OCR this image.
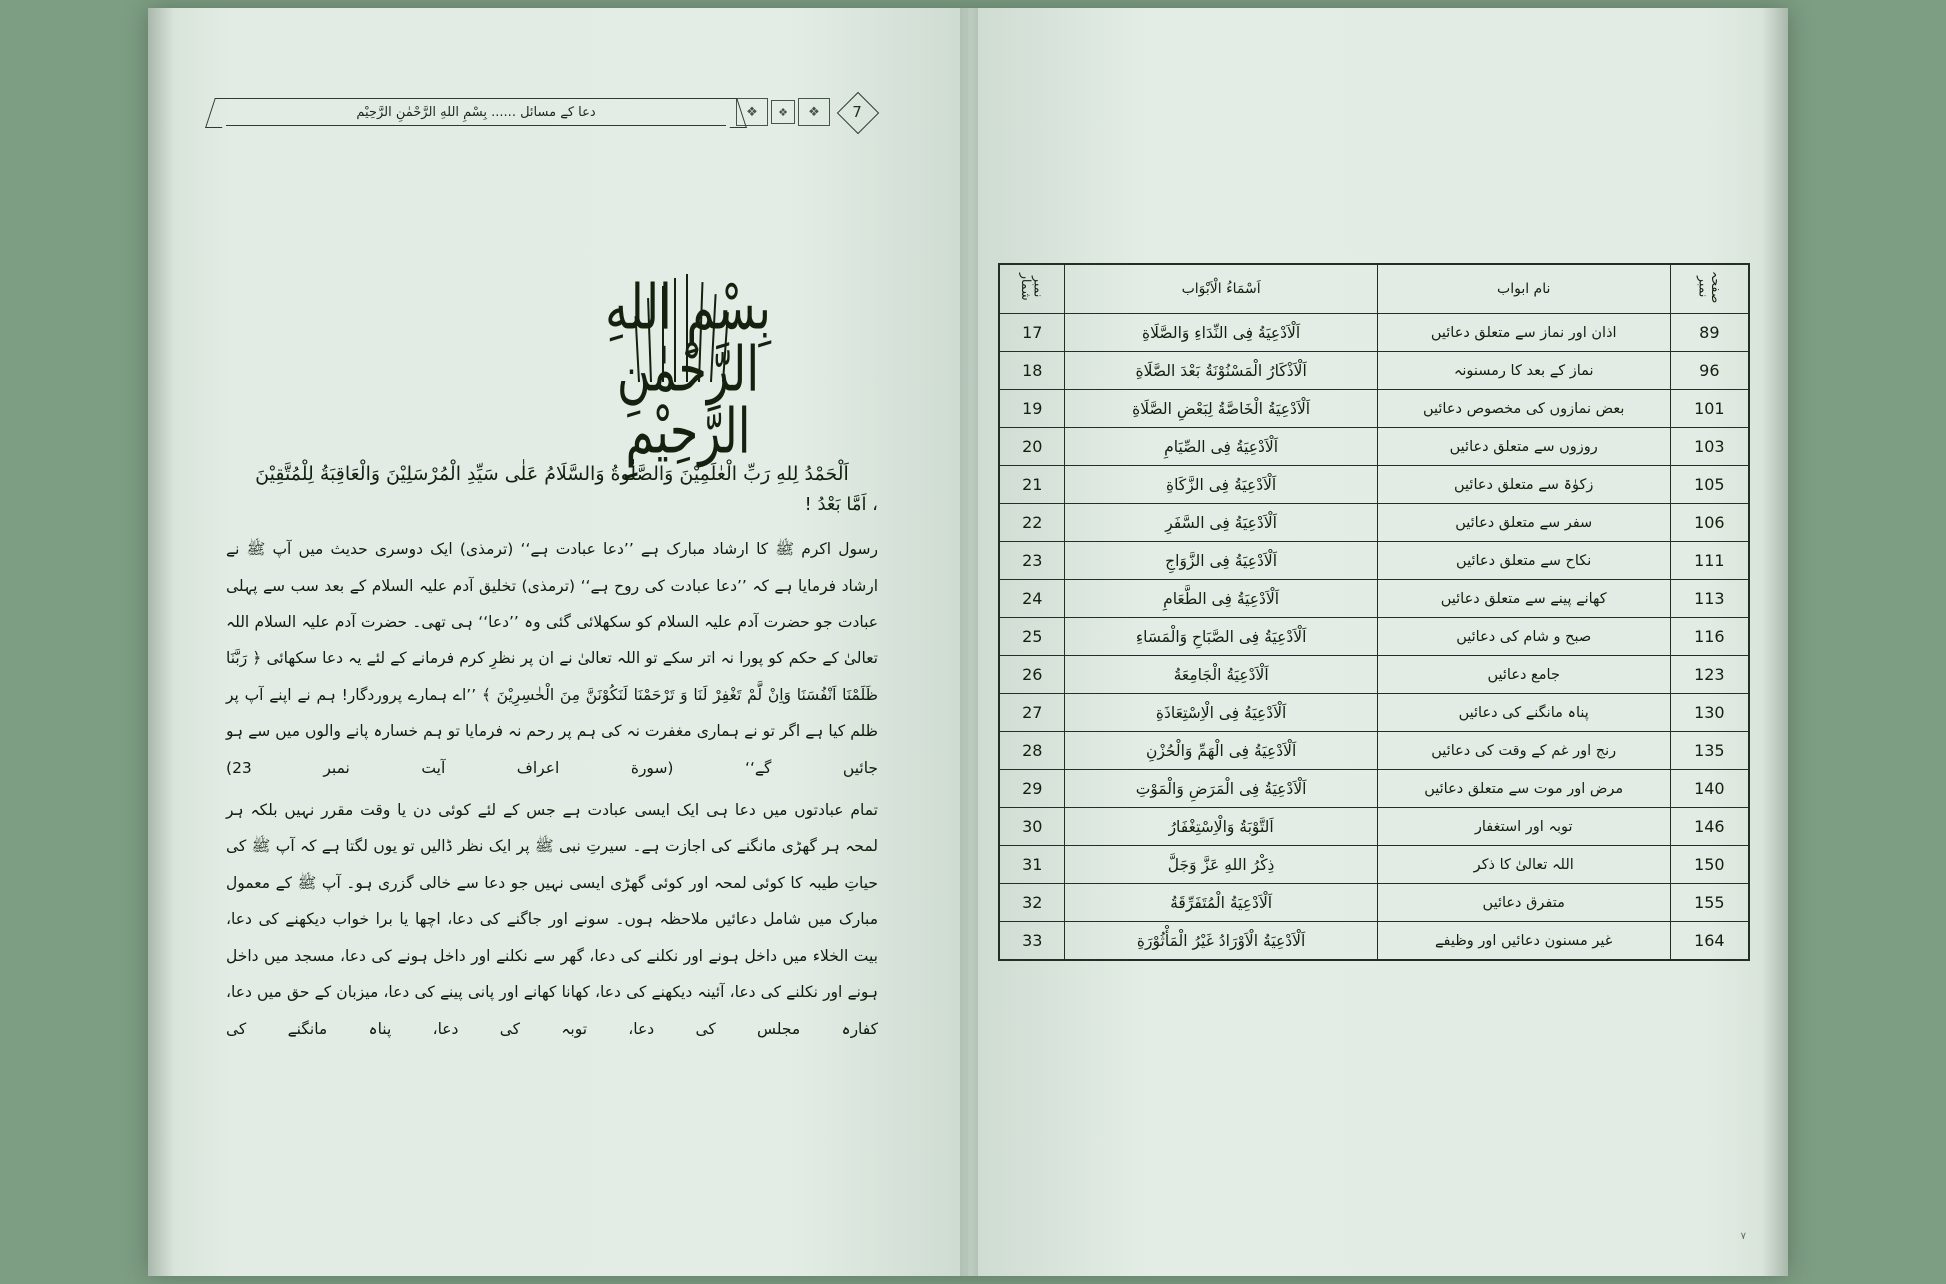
7
❖
❖
❖
دعا کے مسائل ...... بِسْمِ اللهِ الرَّحْمٰنِ الرَّحِيْم
بِسْمِ اللهِ الرَّحْمٰنِ الرَّحِيْمِ
اَلْحَمْدُ لِلهِ رَبِّ الْعٰلَمِيْنَ وَالصَّلٰوةُ وَالسَّلَامُ عَلٰى سَيِّدِ الْمُرْسَلِيْنَ وَالْعَاقِبَةُ لِلْمُتَّقِيْنَ
، اَمَّا بَعْدُ !
رسول اکرم ﷺ کا ارشاد مبارک ہے ’’دعا عبادت ہے‘‘ (ترمذی) ایک دوسری حدیث میں آپ ﷺ نے ارشاد فرمایا ہے کہ ’’دعا عبادت کی روح ہے‘‘ (ترمذی) تخلیق آدم علیہ السلام کے بعد سب سے پہلی عبادت جو حضرت آدم علیہ السلام کو سکھلائی گئی وہ ’’دعا‘‘ ہی تھی۔ حضرت آدم علیہ السلام اللہ تعالیٰ کے حکم کو پورا نہ اتر سکے تو اللہ تعالیٰ نے ان پر نظرِ کرم فرمانے کے لئے یہ دعا سکھائی ﴿ رَبَّنَا ظَلَمْنَا اَنْفُسَنَا وَاِنْ لَّمْ تَغْفِرْ لَنَا وَ تَرْحَمْنَا لَنَكُوْنَنَّ مِنَ الْخٰسِرِيْنَ ﴾ ’’اے ہمارے پروردگار! ہم نے اپنے آپ پر ظلم کیا ہے اگر تو نے ہماری مغفرت نہ کی ہم پر رحم نہ فرمایا تو ہم خسارہ پانے والوں میں سے ہو جائیں گے‘‘ (سورة اعراف آیت نمبر 23)
تمام عبادتوں میں دعا ہی ایک ایسی عبادت ہے جس کے لئے کوئی دن یا وقت مقرر نہیں بلکہ ہر لمحہ ہر گھڑی مانگنے کی اجازت ہے۔ سیرتِ نبی ﷺ پر ایک نظر ڈالیں تو یوں لگتا ہے کہ آپ ﷺ کی حیاتِ طیبہ کا کوئی لمحہ اور کوئی گھڑی ایسی نہیں جو دعا سے خالی گزری ہو۔ آپ ﷺ کے معمول مبارک میں شامل دعائیں ملاحظہ ہوں۔ سونے اور جاگنے کی دعا، اچھا یا برا خواب دیکھنے کی دعا، بیت الخلاء میں داخل ہونے اور نکلنے کی دعا، گھر سے نکلنے اور داخل ہونے کی دعا، مسجد میں داخل ہونے اور نکلنے کی دعا، آئینہ دیکھنے کی دعا، کھانا کھانے اور پانی پینے کی دعا، میزبان کے حق میں دعا، کفارہ مجلس کی دعا، توبہ کی دعا، پناہ مانگنے کی
صفحہ نمبر	نام ابواب	اَسْمَاءُ الْاَبْوَاب	نمبر شمار
89	اذان اور نماز سے متعلق دعائیں	اَلْاَدْعِيَةُ فِى النِّدَاءِ وَالصَّلَاةِ	17
96	نماز کے بعد کا رمسنونہ	اَلْاَذْكَارُ الْمَسْنُوْنَةُ بَعْدَ الصَّلَاةِ	18
101	بعض نمازوں کی مخصوص دعائیں	اَلْاَدْعِيَةُ الْخَاصَّةُ لِبَعْضِ الصَّلَاةِ	19
103	روزوں سے متعلق دعائیں	اَلْاَدْعِيَةُ فِى الصِّيَامِ	20
105	زکوٰۃ سے متعلق دعائیں	اَلْاَدْعِيَةُ فِى الزَّكَاةِ	21
106	سفر سے متعلق دعائیں	اَلْاَدْعِيَةُ فِى السَّفَرِ	22
111	نکاح سے متعلق دعائیں	اَلْاَدْعِيَةُ فِى الزَّوَاجِ	23
113	کھانے پینے سے متعلق دعائیں	اَلْاَدْعِيَةُ فِى الطَّعَامِ	24
116	صبح و شام کی دعائیں	اَلْاَدْعِيَةُ فِى الصَّبَاحِ وَالْمَسَاءِ	25
123	جامع دعائیں	اَلْاَدْعِيَةُ الْجَامِعَةُ	26
130	پناہ مانگنے کی دعائیں	اَلْاَدْعِيَةُ فِى الْاِسْتِعَاذَةِ	27
135	رنج اور غم کے وقت کی دعائیں	اَلْاَدْعِيَةُ فِى الْهَمِّ وَالْحُزْنِ	28
140	مرض اور موت سے متعلق دعائیں	اَلْاَدْعِيَةُ فِى الْمَرَضِ وَالْمَوْتِ	29
146	توبہ اور استغفار	اَلتَّوْبَةُ وَالْاِسْتِغْفَارُ	30
150	اللہ تعالیٰ کا ذکر	ذِكْرُ اللهِ عَزَّ وَجَلَّ	31
155	متفرق دعائیں	اَلْاَدْعِيَةُ الْمُتَفَرِّقَةُ	32
164	غیر مسنون دعائیں اور وظیفے	اَلْاَدْعِيَةُ الْاَوْرَادُ غَيْرُ الْمَأْثُوْرَةِ	33
٧
